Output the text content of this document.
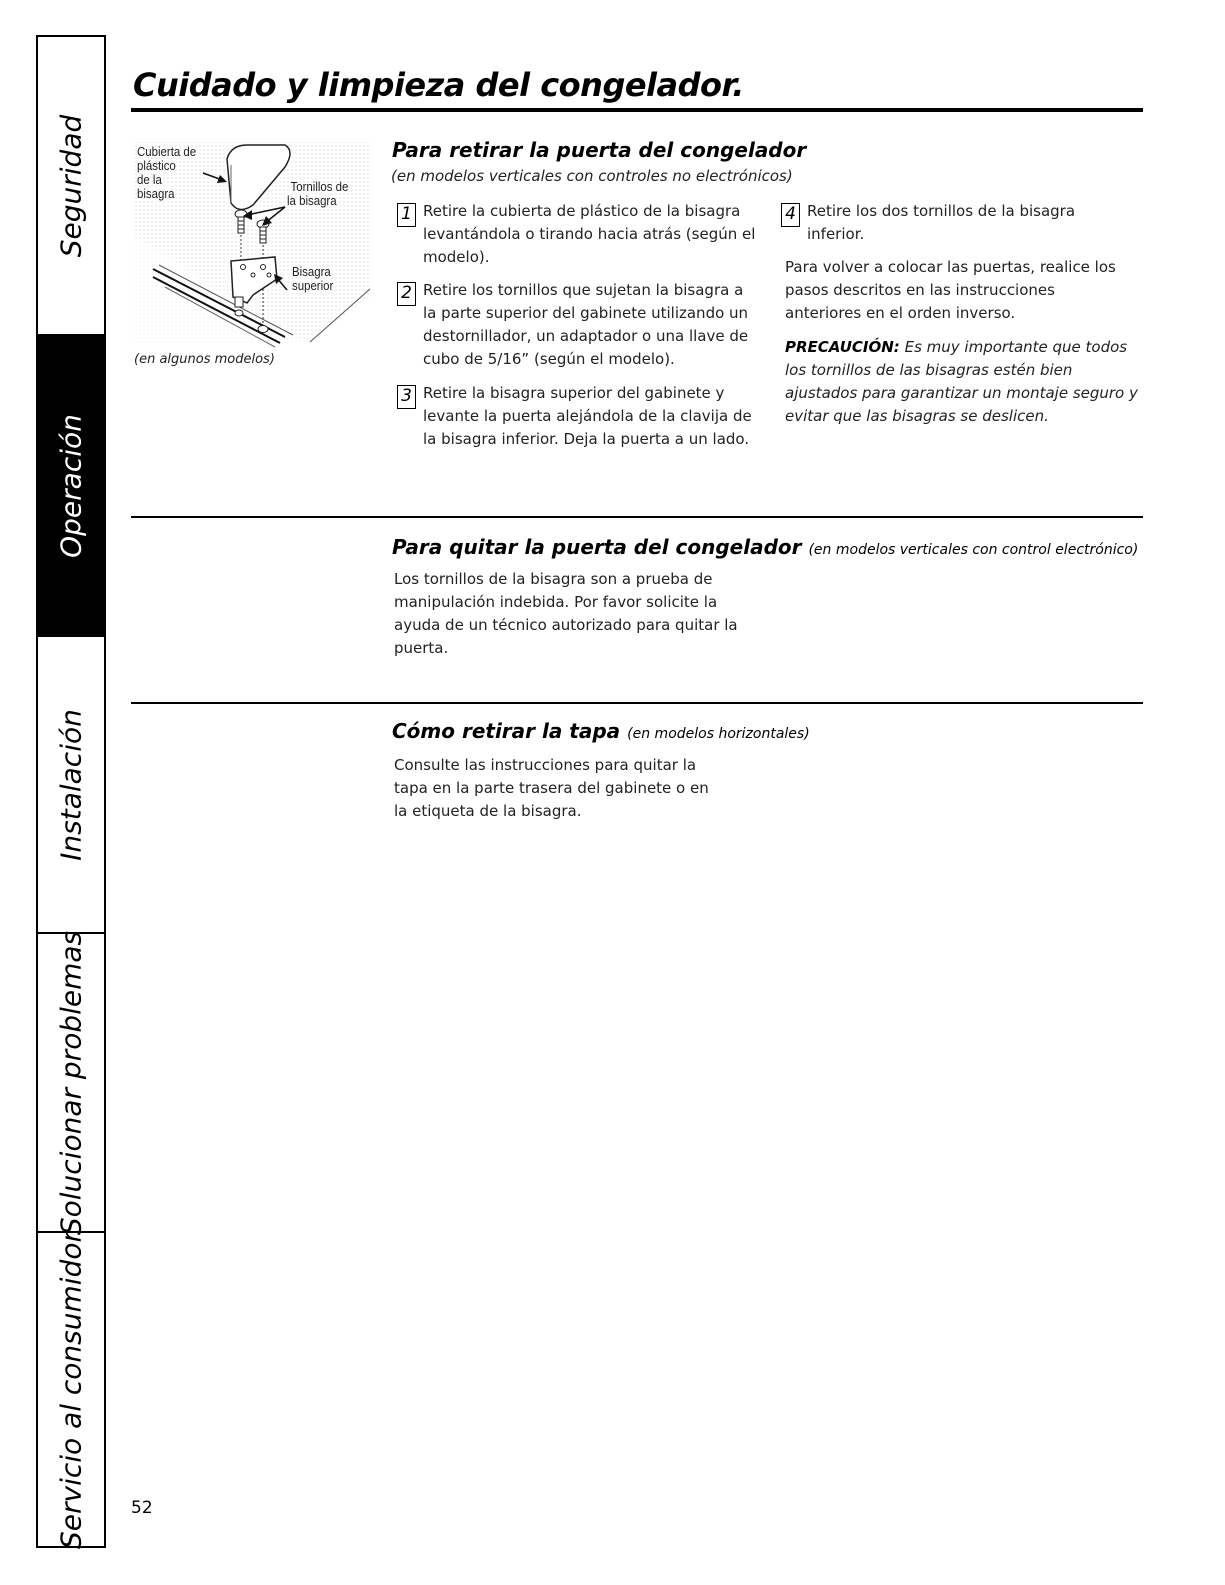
Seguridad
Operación
Instalación
Solucionar problemas
Servicio al consumidor
Cuidado y limpieza del congelador.
Cubierta de
plástico
de la
bisagra	Tornillos de
la bisagra
Bisagra
superior
(en algunos modelos)
Para retirar la puerta del congelador
(en modelos verticales con controles no electrónicos)
1 Retire la cubierta de plástico de la bisagra levantándola o tirando hacia atrás (según el modelo).
2 Retire los tornillos que sujetan la bisagra a la parte superior del gabinete utilizando un destornillador, un adaptador o una llave de cubo de 5/16” (según el modelo).
3 Retire la bisagra superior del gabinete y levante la puerta alejándola de la clavija de la bisagra inferior. Deja la puerta a un lado.
4 Retire los dos tornillos de la bisagra inferior.

Para volver a colocar las puertas, realice los pasos descritos en las instrucciones anteriores en el orden inverso.

PRECAUCIÓN: Es muy importante que todos los tornillos de las bisagras estén bien ajustados para garantizar un montaje seguro y evitar que las bisagras se deslicen.

Para quitar la puerta del congelador (en modelos verticales con control electrónico)

Los tornillos de la bisagra son a prueba de manipulación indebida. Por favor solicite la ayuda de un técnico autorizado para quitar la puerta.

Cómo retirar la tapa (en modelos horizontales)

Consulte las instrucciones para quitar la tapa en la parte trasera del gabinete o en la etiqueta de la bisagra.

52
